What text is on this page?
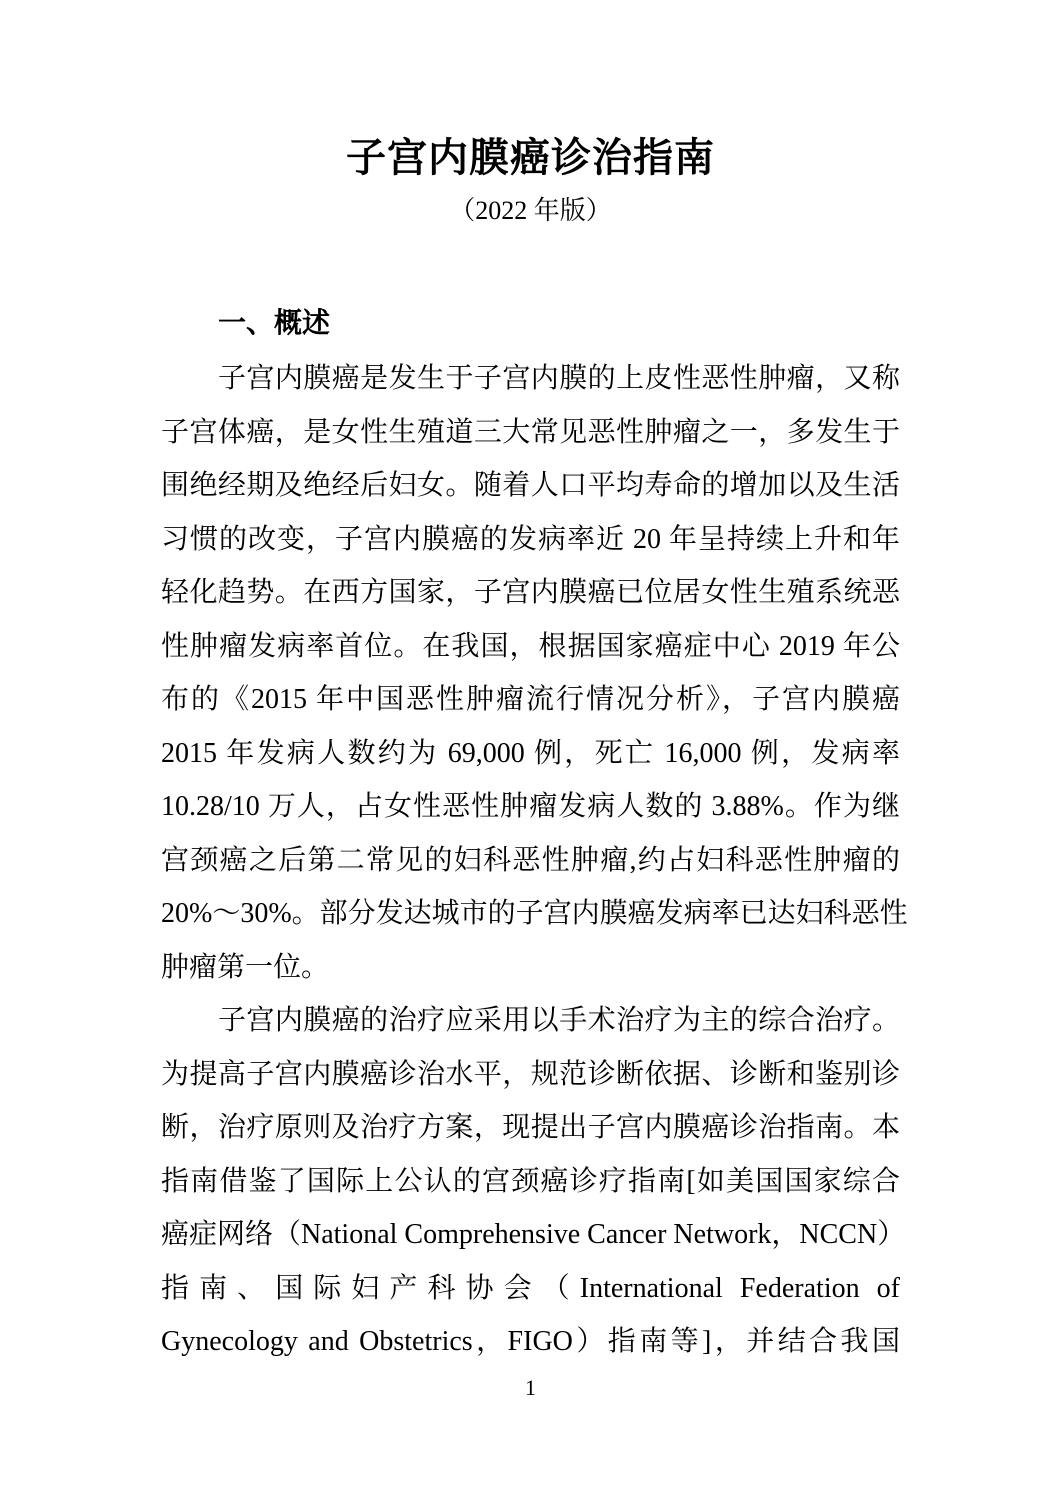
子宫内膜癌诊治指南
（2022 年版）
一、概述
子宫内膜癌是发生于子宫内膜的上皮性恶性肿瘤，又称
子宫体癌，是女性生殖道三大常见恶性肿瘤之一，多发生于
围绝经期及绝经后妇女。随着人口平均寿命的增加以及生活
习惯的改变，子宫内膜癌的发病率近 20 年呈持续上升和年
轻化趋势。在西方国家，子宫内膜癌已位居女性生殖系统恶
性肿瘤发病率首位。在我国，根据国家癌症中心 2019 年公
布的《2015 年中国恶性肿瘤流行情况分析》，子宫内膜癌
2015 年发病人数约为 69,000 例，死亡 16,000 例，发病率
10.28/10 万人，占女性恶性肿瘤发病人数的 3.88%。作为继
宫颈癌之后第二常见的妇科恶性肿瘤,约占妇科恶性肿瘤的
20%～30%。部分发达城市的子宫内膜癌发病率已达妇科恶性
肿瘤第一位。
子宫内膜癌的治疗应采用以手术治疗为主的综合治疗。
为提高子宫内膜癌诊治水平，规范诊断依据、诊断和鉴别诊
断，治疗原则及治疗方案，现提出子宫内膜癌诊治指南。本
指南借鉴了国际上公认的宫颈癌诊疗指南[如美国国家综合
癌症网络（National Comprehensive Cancer Network，NCCN）
指南、国际妇产科协会（International Federation of
Gynecology and Obstetrics，FIGO）指南等]，并结合我国
1
